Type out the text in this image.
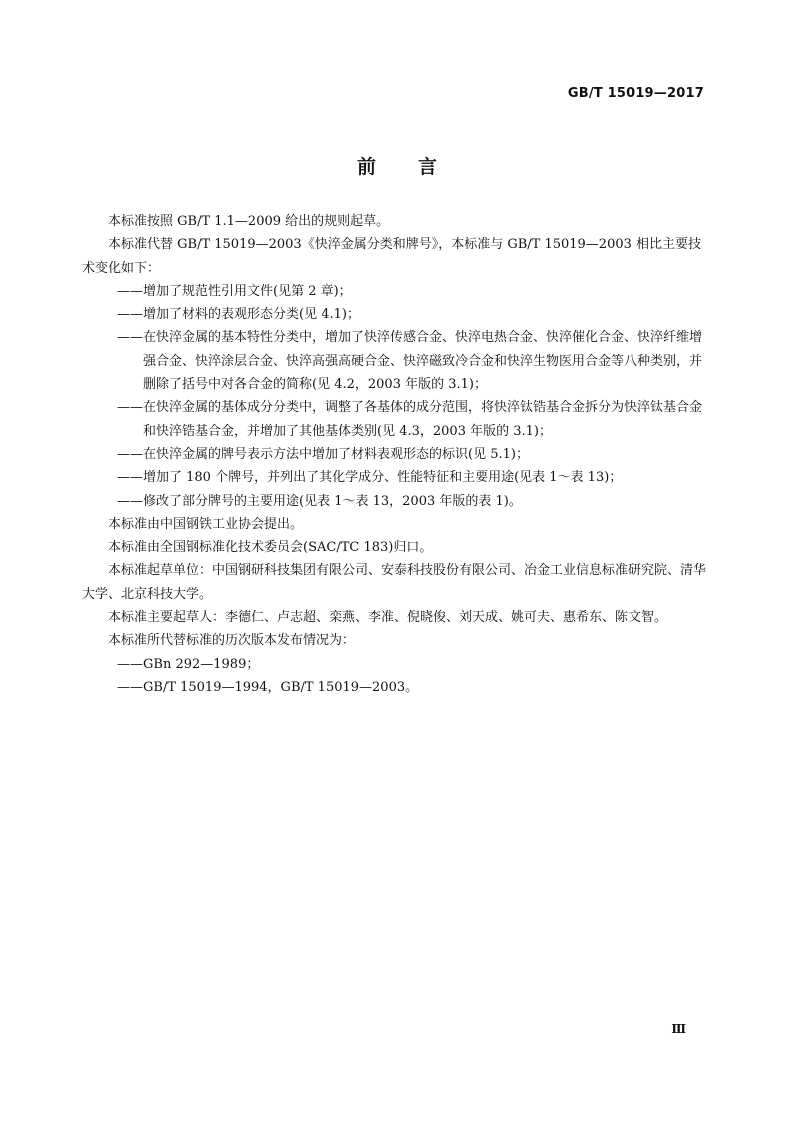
GB/T 15019—2017
前 言

本标准按照 GB/T 1.1—2009 给出的规则起草。

本标准代替 GB/T 15019—2003《快淬金属分类和牌号》，本标准与 GB/T 15019—2003 相比主要技术变化如下：

——增加了规范性引用文件(见第 2 章)；

——增加了材料的表观形态分类(见 4.1)；

——在快淬金属的基本特性分类中，增加了快淬传感合金、快淬电热合金、快淬催化合金、快淬纤维增强合金、快淬涂层合金、快淬高强高硬合金、快淬磁致冷合金和快淬生物医用合金等八种类别，并删除了括号中对各合金的简称(见 4.2，2003 年版的 3.1)；

——在快淬金属的基体成分分类中，调整了各基体的成分范围，将快淬钛锆基合金拆分为快淬钛基合金和快淬锆基合金，并增加了其他基体类别(见 4.3，2003 年版的 3.1)；

——在快淬金属的牌号表示方法中增加了材料表观形态的标识(见 5.1)；

——增加了 180 个牌号，并列出了其化学成分、性能特征和主要用途(见表 1～表 13)；

——修改了部分牌号的主要用途(见表 1～表 13，2003 年版的表 1)。

本标准由中国钢铁工业协会提出。

本标准由全国钢标准化技术委员会(SAC/TC 183)归口。

本标准起草单位：中国钢研科技集团有限公司、安泰科技股份有限公司、冶金工业信息标准研究院、清华大学、北京科技大学。

本标准主要起草人：李德仁、卢志超、栾燕、李准、倪晓俊、刘天成、姚可夫、惠希东、陈文智。

本标准所代替标准的历次版本发布情况为：

——GBn 292—1989；

——GB/T 15019—1994，GB/T 15019—2003。

Ⅲ
